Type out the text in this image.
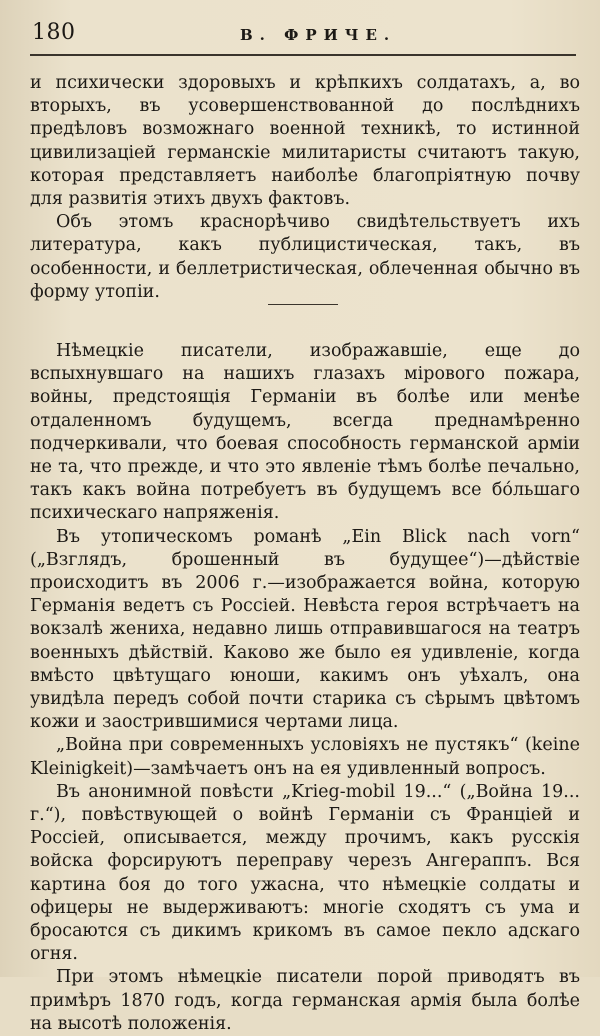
180	В. ФРИЧЕ.

и психически здоровыхъ и крѣпкихъ солдатахъ, а, во вторыхъ, въ усовершенствованной до послѣднихъ предѣловъ возможнаго военной техникѣ, то истинной цивилизацiей германскiе милитаристы считаютъ такую, которая представляетъ наиболѣе благопрiятную почву для развитiя этихъ двухъ фактовъ.

Объ этомъ краснорѣчиво свидѣтельствуетъ ихъ литература, какъ публицистическая, такъ, въ особенности, и беллетристическая, облеченная обычно въ форму утопiи.

Нѣмецкiе писатели, изображавшiе, еще до вспыхнувшаго на нашихъ глазахъ мiрового пожара, войны, предстоящiя Германiи въ болѣе или менѣе отдаленномъ будущемъ, всегда преднамѣренно подчеркивали, что боевая способность германской армiи не та, что прежде, и что это явленiе тѣмъ болѣе печально, такъ какъ война потребуетъ въ будущемъ все бóльшаго психическаго напряженiя.

Въ утопическомъ романѣ „Ein Blick nach vorn“ („Взглядъ, брошенный въ будущее“)—дѣйствiе происходитъ въ 2006 г.—изображается война, которую Германiя ведетъ съ Россiей. Невѣста героя встрѣчаетъ на вокзалѣ жениха, недавно лишь отправившагося на театръ военныхъ дѣйствiй. Каково же было ея удивленiе, когда вмѣсто цвѣтущаго юноши, какимъ онъ уѣхалъ, она увидѣла передъ собой почти старика съ сѣрымъ цвѣтомъ кожи и заострившимися чертами лица.

„Война при современныхъ условiяхъ не пустякъ“ (keine Kleinigkeit)—замѣчаетъ онъ на ея удивленный вопросъ.

Въ анонимной повѣсти „Krieg-mobil 19...“ („Война 19... г.“), повѣствующей о войнѣ Германiи съ Францiей и Россiей, описывается, между прочимъ, какъ русскiя войска форсируютъ переправу черезъ Ангераппъ. Вся картина боя до того ужасна, что нѣмецкiе солдаты и офицеры не выдерживаютъ: многiе сходятъ съ ума и бросаются съ дикимъ крикомъ въ самое пекло адскаго огня.

При этомъ нѣмецкiе писатели порой приводятъ въ примѣръ 1870 годъ, когда германская армiя была болѣе на высотѣ положенiя.
